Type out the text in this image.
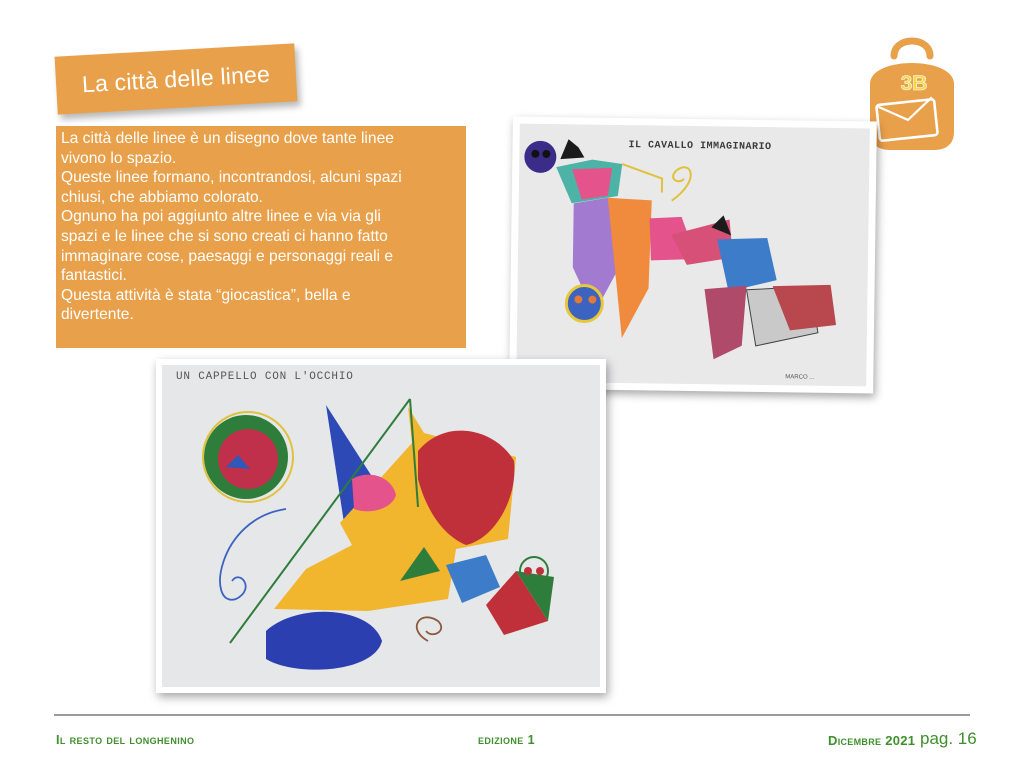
La città delle linee

La città delle linee è un disegno dove tante linee

vivono lo spazio.

Queste linee formano, incontrandosi, alcuni spazi

chiusi, che abbiamo colorato.

Ognuno ha poi aggiunto altre linee e via via gli

spazi e le linee che si sono creati ci hanno fatto

immaginare cose, paesaggi e personaggi reali e

fantastici.

Questa attività è stata “giocastica”, bella e

divertente.

3B
IL CAVALLO IMMAGINARIO
MARCO ...
UN CAPPELLO CON L'OCCHIO
Il resto del longhenino	edizione 1	Dicembre 2021 pag. 16
